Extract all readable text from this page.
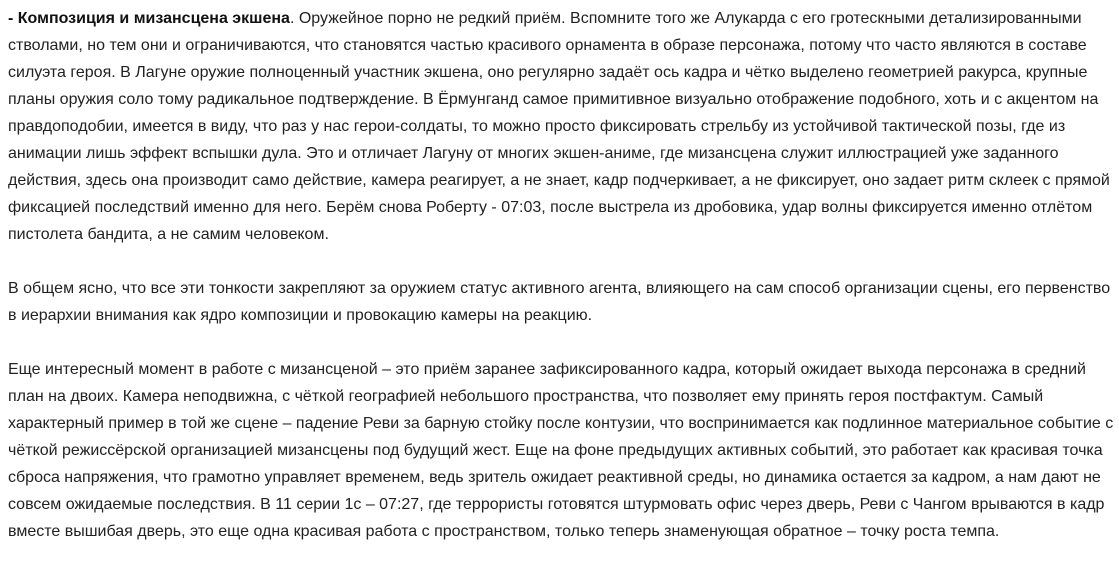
- Композиция и мизансцена экшена. Оружейное порно не редкий приём. Вспомните того же Алукарда с его гротескными детализированными стволами, но тем они и ограничиваются, что становятся частью красивого орнамента в образе персонажа, потому что часто являются в составе силуэта героя. В Лагуне оружие полноценный участник экшена, оно регулярно задаёт ось кадра и чётко выделено геометрией ракурса, крупные планы оружия соло тому радикальное подтверждение. В Ёрмунганд самое примитивное визуально отображение подобного, хоть и с акцентом на правдоподобии, имеется в виду, что раз у нас герои-солдаты, то можно просто фиксировать стрельбу из устойчивой тактической позы, где из анимации лишь эффект вспышки дула. Это и отличает Лагуну от многих экшен-аниме, где мизансцена служит иллюстрацией уже заданного действия, здесь она производит само действие, камера реагирует, а не знает, кадр подчеркивает, а не фиксирует, оно задает ритм склеек с прямой фиксацией последствий именно для него. Берём снова Роберту - 07:03, после выстрела из дробовика, удар волны фиксируется именно отлётом пистолета бандита, а не самим человеком.

В общем ясно, что все эти тонкости закрепляют за оружием статус активного агента, влияющего на сам способ организации сцены, его первенство в иерархии внимания как ядро композиции и провокацию камеры на реакцию.

Еще интересный момент в работе с мизансценой – это приём заранее зафиксированного кадра, который ожидает выхода персонажа в средний план на двоих. Камера неподвижна, с чёткой географией небольшого пространства, что позволяет ему принять героя постфактум. Самый характерный пример в той же сцене – падение Реви за барную стойку после контузии, что воспринимается как подлинное материальное событие с чёткой режиссёрской организацией мизансцены под будущий жест. Еще на фоне предыдущих активных событий, это работает как красивая точка сброса напряжения, что грамотно управляет временем, ведь зритель ожидает реактивной среды, но динамика остается за кадром, а нам дают не совсем ожидаемые последствия. В 11 серии 1с – 07:27, где террористы готовятся штурмовать офис через дверь, Реви с Чангом врываются в кадр вместе вышибая дверь, это еще одна красивая работа с пространством, только теперь знаменующая обратное – точку роста темпа.
